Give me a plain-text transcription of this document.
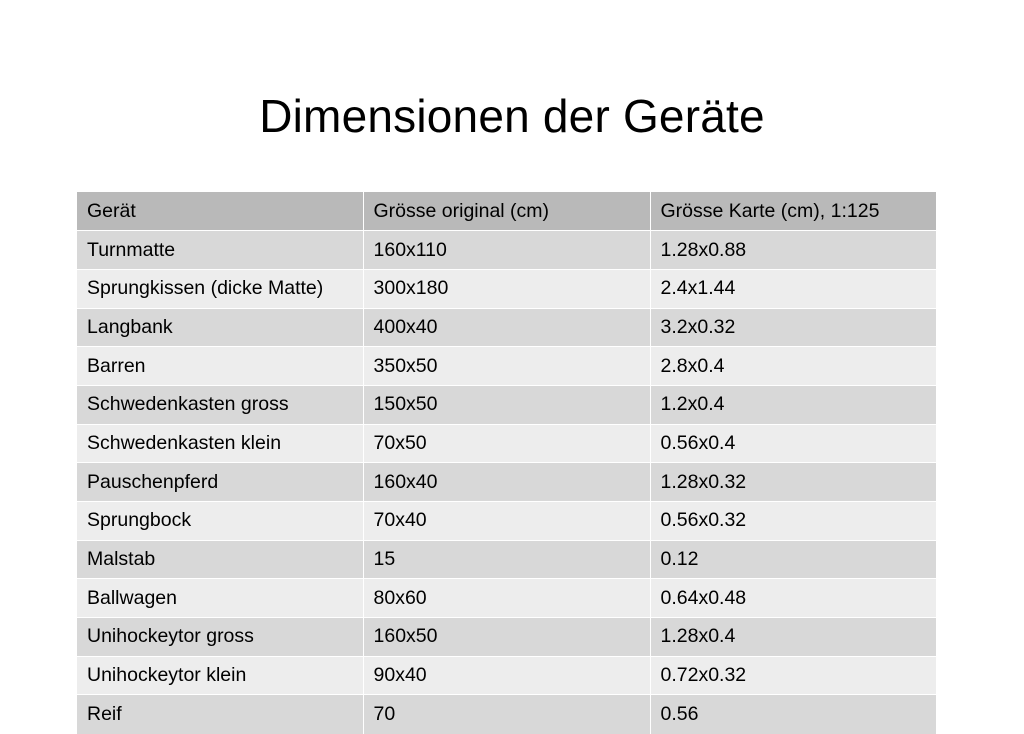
Dimensionen der Geräte
Gerät	Grösse original (cm)	Grösse Karte (cm), 1:125
Turnmatte	160x110	1.28x0.88
Sprungkissen (dicke Matte)	300x180	2.4x1.44
Langbank	400x40	3.2x0.32
Barren	350x50	2.8x0.4
Schwedenkasten gross	150x50	1.2x0.4
Schwedenkasten klein	70x50	0.56x0.4
Pauschenpferd	160x40	1.28x0.32
Sprungbock	70x40	0.56x0.32
Malstab	15	0.12
Ballwagen	80x60	0.64x0.48
Unihockeytor gross	160x50	1.28x0.4
Unihockeytor klein	90x40	0.72x0.32
Reif	70	0.56
